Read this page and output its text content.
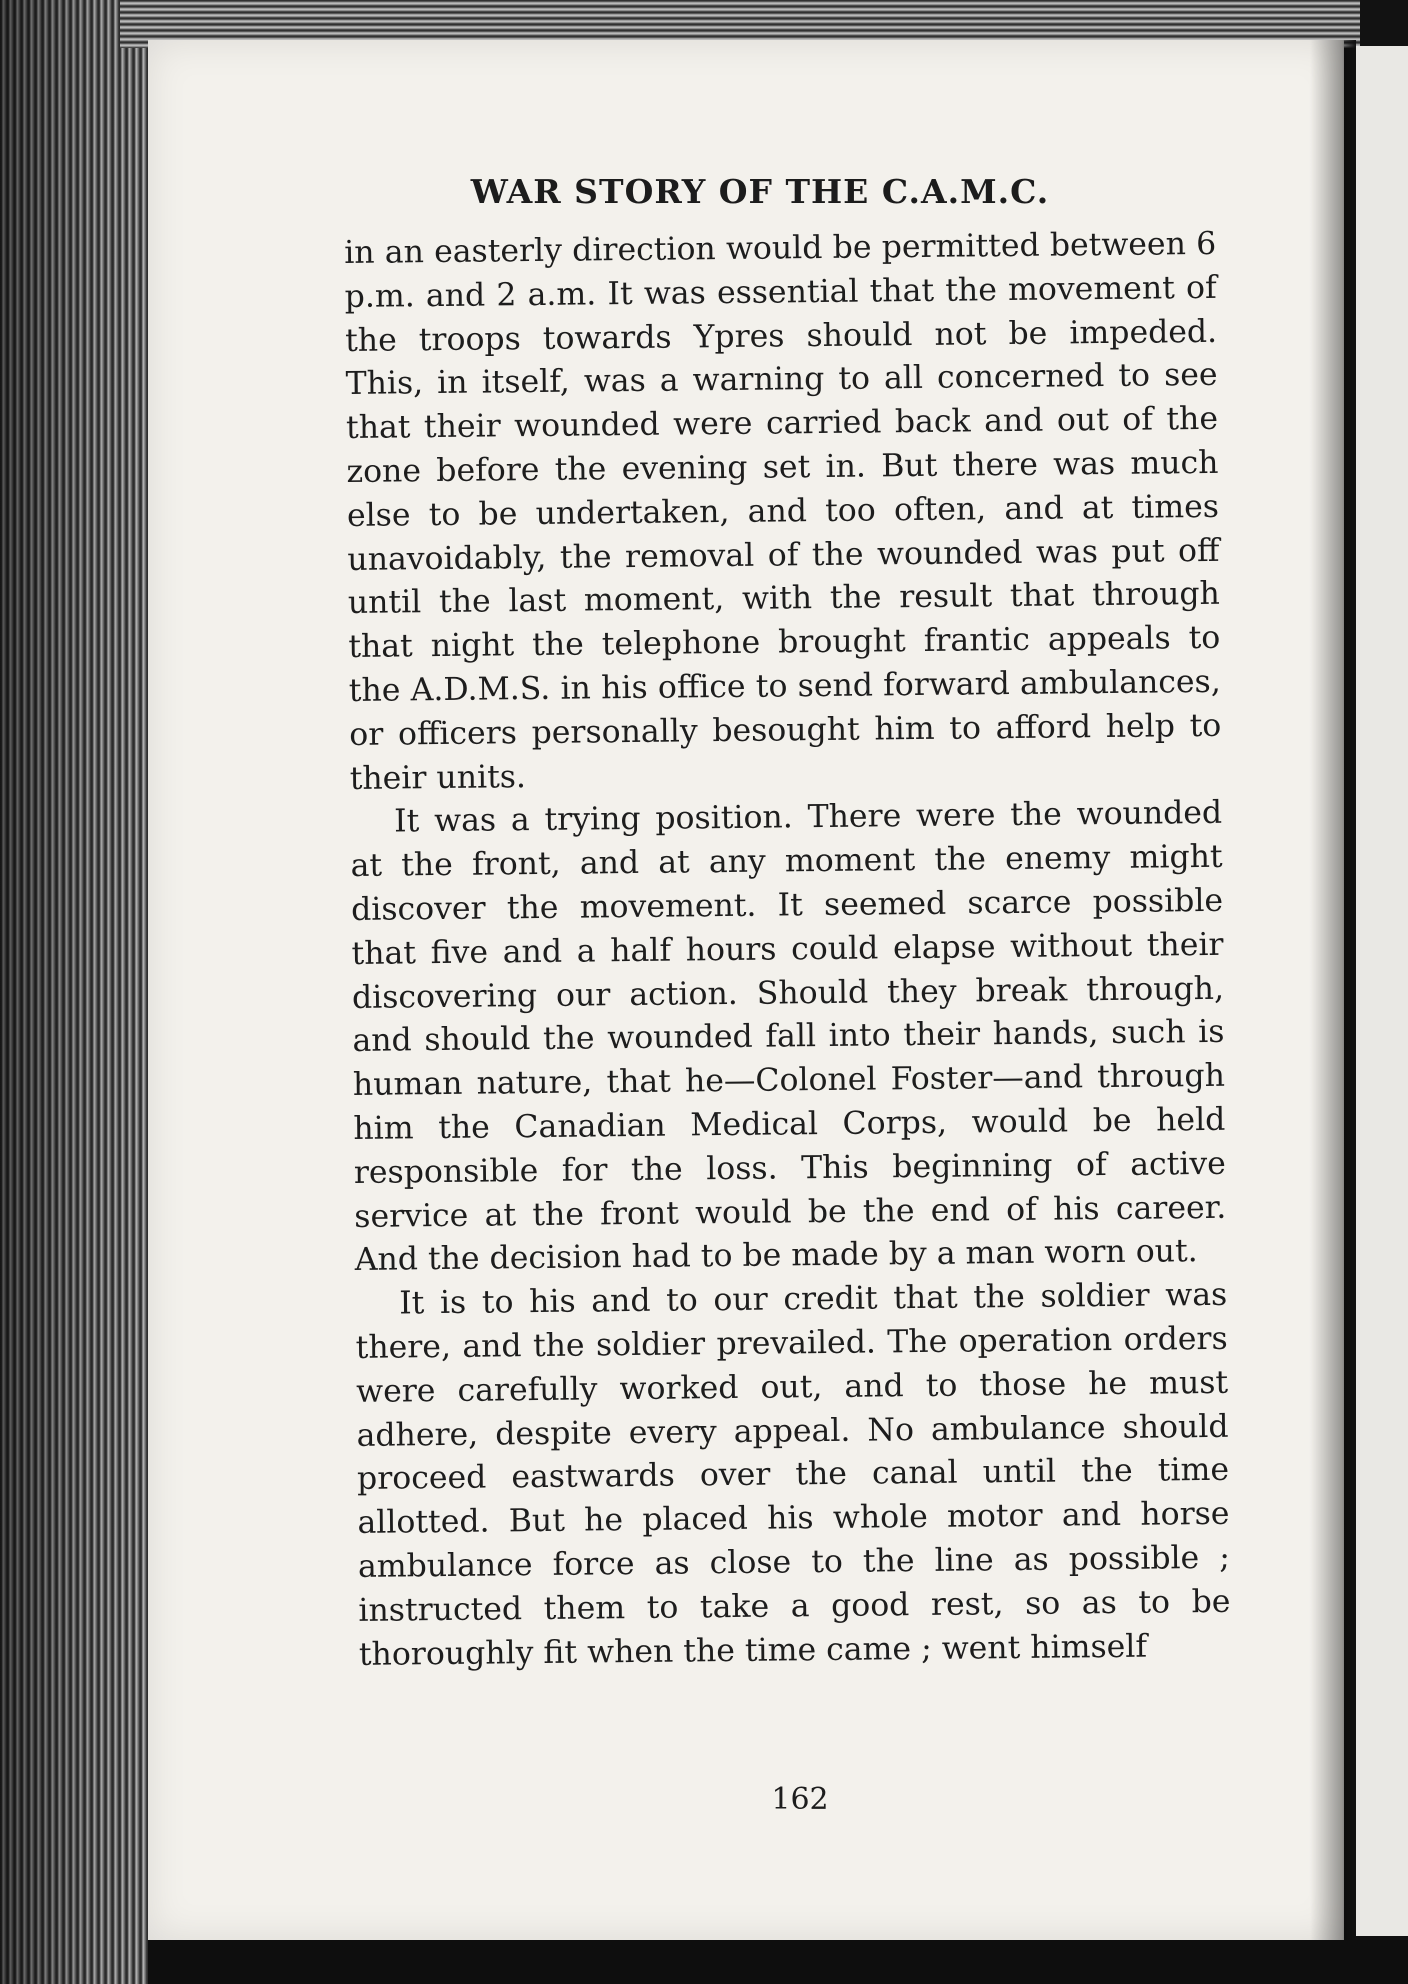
WAR STORY OF THE C.A.M.C.

in an easterly direction would be permitted between 6 p.m. and 2 a.m. It was essential that the movement of the troops towards Ypres should not be impeded. This, in itself, was a warning to all concerned to see that their wounded were carried back and out of the zone before the evening set in. But there was much else to be undertaken, and too often, and at times unavoidably, the removal of the wounded was put off until the last moment, with the result that through that night the telephone brought frantic appeals to the A.D.M.S. in his office to send forward ambulances, or officers personally besought him to afford help to their units.

It was a trying position. There were the wounded at the front, and at any moment the enemy might discover the movement. It seemed scarce possible that five and a half hours could elapse without their discovering our action. Should they break through, and should the wounded fall into their hands, such is human nature, that he—Colonel Foster—and through him the Canadian Medical Corps, would be held responsible for the loss. This beginning of active service at the front would be the end of his career. And the decision had to be made by a man worn out.

It is to his and to our credit that the soldier was there, and the soldier prevailed. The operation orders were carefully worked out, and to those he must adhere, despite every appeal. No ambulance should proceed eastwards over the canal until the time allotted. But he placed his whole motor and horse ambulance force as close to the line as possible ; instructed them to take a good rest, so as to be thoroughly fit when the time came ; went himself

162
